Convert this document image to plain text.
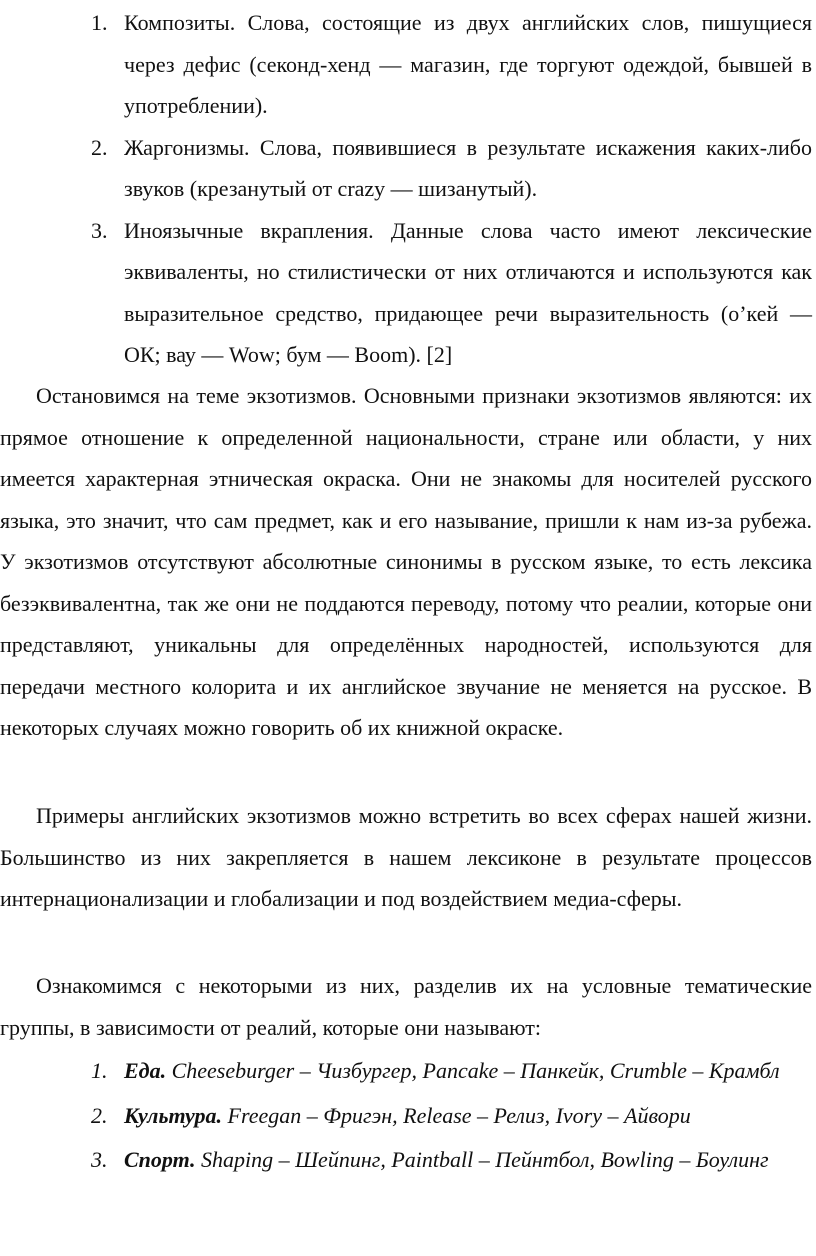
1. Композиты. Слова, состоящие из двух английских слов, пишущиеся через дефис (секонд-хенд — магазин, где торгуют одеждой, бывшей в употреблении).
2. Жаргонизмы. Слова, появившиеся в результате искажения каких-либо звуков (крезанутый от crazy — шизанутый).
3. Иноязычные вкрапления. Данные слова часто имеют лексические эквиваленты, но стилистически от них отличаются и используются как выразительное средство, придающее речи выразительность (о’кей — ОК; вау — Wow; бум — Boom). [2]

Остановимся на теме экзотизмов. Основными признаки экзотизмов являются: их прямое отношение к определенной национальности, стране или области, у них имеется характерная этническая окраска. Они не знакомы для носителей русского языка, это значит, что сам предмет, как и его называние, пришли к нам из-за рубежа. У экзотизмов отсутствуют абсолютные синонимы в русском языке, то есть лексика безэквивалентна, так же они не поддаются переводу, потому что реалии, которые они представляют, уникальны для определённых народностей, используются для передачи местного колорита и их английское звучание не меняется на русское. В некоторых случаях можно говорить об их книжной окраске.

Примеры английских экзотизмов можно встретить во всех сферах нашей жизни. Большинство из них закрепляется в нашем лексиконе в результате процессов интернационализации и глобализации и под воздействием медиа-сферы.

Ознакомимся с некоторыми из них, разделив их на условные тематические группы, в зависимости от реалий, которые они называют:

1. Еда. Cheeseburger – Чизбургер, Pancake – Панкейк, Crumble – Крамбл
2. Культура. Freegan – Фригэн, Release – Релиз, Ivory – Айвори
3. Спорт. Shaping – Шейпинг, Paintball – Пейнтбол, Bowling – Боулинг
